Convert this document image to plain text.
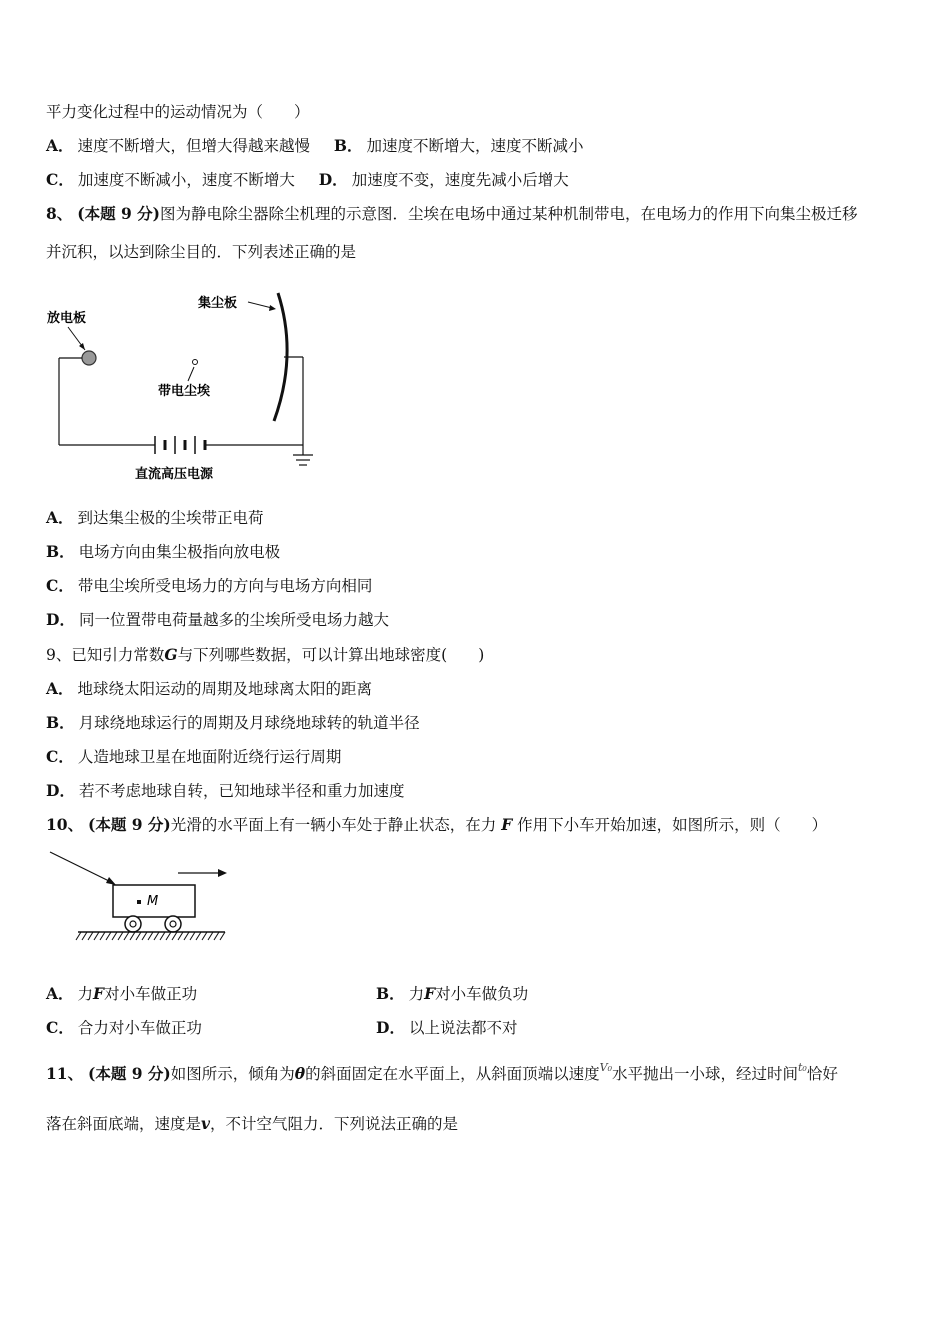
平力变化过程中的运动情况为（　　）
A． 速度不断增大，但增大得越来越慢 B． 加速度不断增大，速度不断减小
C． 加速度不断减小，速度不断增大 D． 加速度不变，速度先减小后增大
8、 (本题 9 分)图为静电除尘器除尘机理的示意图．尘埃在电场中通过某种机制带电，在电场力的作用下向集尘极迁移
并沉积，以达到除尘目的．下列表述正确的是
放电板
直流高压电源
集尘板
带电尘埃
A． 到达集尘极的尘埃带正电荷
B． 电场方向由集尘极指向放电极
C． 带电尘埃所受电场力的方向与电场方向相同
D． 同一位置带电荷量越多的尘埃所受电场力越大
9、已知引力常数G与下列哪些数据，可以计算出地球密度(　　)
A． 地球绕太阳运动的周期及地球离太阳的距离
B． 月球绕地球运行的周期及月球绕地球转的轨道半径
C． 人造地球卫星在地面附近绕行运行周期
D． 若不考虑地球自转，已知地球半径和重力加速度
10、 (本题 9 分)光滑的水平面上有一辆小车处于静止状态，在力 F 作用下小车开始加速，如图所示，则（　　）
M
A． 力F对小车做正功	B． 力F对小车做负功
C． 合力对小车做正功	D． 以上说法都不对
11、 (本题 9 分)如图所示，倾角为θ的斜面固定在水平面上，从斜面顶端以速度$^{V_0}$水平抛出一小球，经过时间$^{t_0}$恰好
落在斜面底端，速度是v，不计空气阻力．下列说法正确的是
